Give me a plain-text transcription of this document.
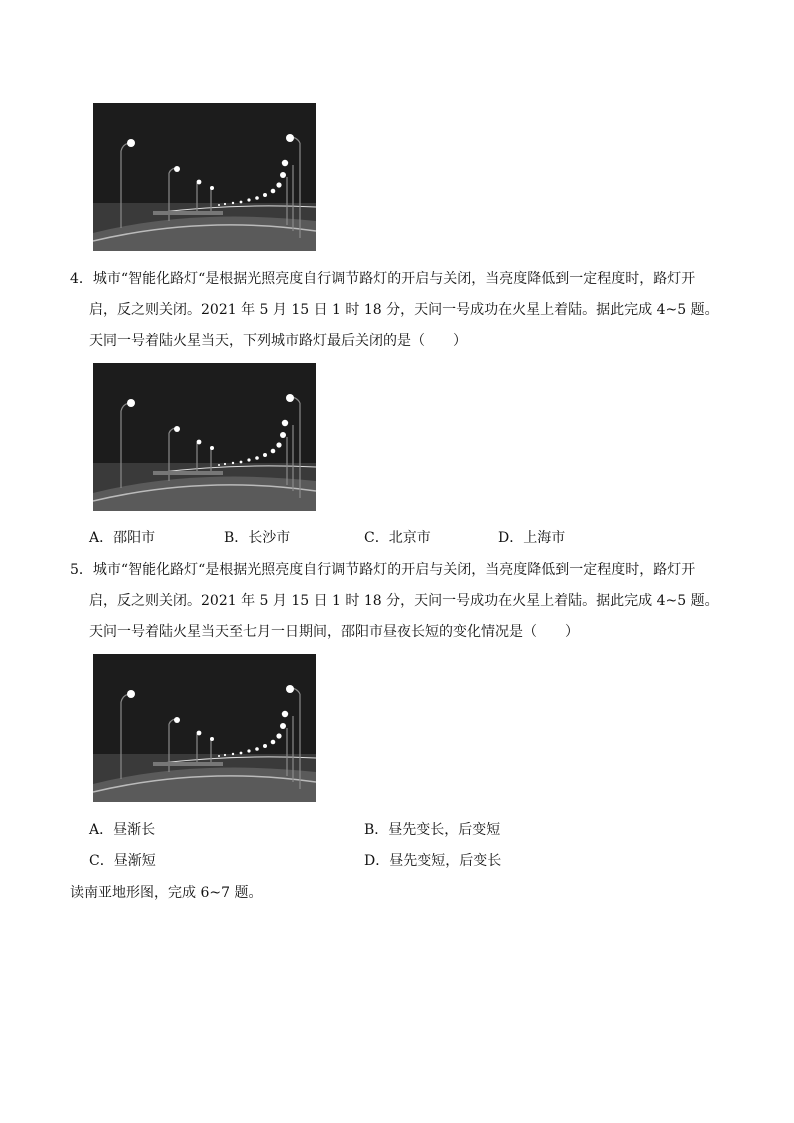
4．城市“智能化路灯“是根据光照亮度自行调节路灯的开启与关闭，当亮度降低到一定程度时，路灯开
启，反之则关闭。2021 年 5 月 15 日 1 时 18 分，天问一号成功在火星上着陆。据此完成 4~5 题。
天同一号着陆火星当天，下列城市路灯最后关闭的是（　　）
A．邵阳市	B．长沙市	C．北京市	D．上海市
5．城市“智能化路灯“是根据光照亮度自行调节路灯的开启与关闭，当亮度降低到一定程度时，路灯开
启，反之则关闭。2021 年 5 月 15 日 1 时 18 分，天问一号成功在火星上着陆。据此完成 4~5 题。
天问一号着陆火星当天至七月一日期间，邵阳市昼夜长短的变化情况是（　　）
A．昼渐长	B．昼先变长，后变短
C．昼渐短	D．昼先变短，后变长
读南亚地形图，完成 6~7 题。
